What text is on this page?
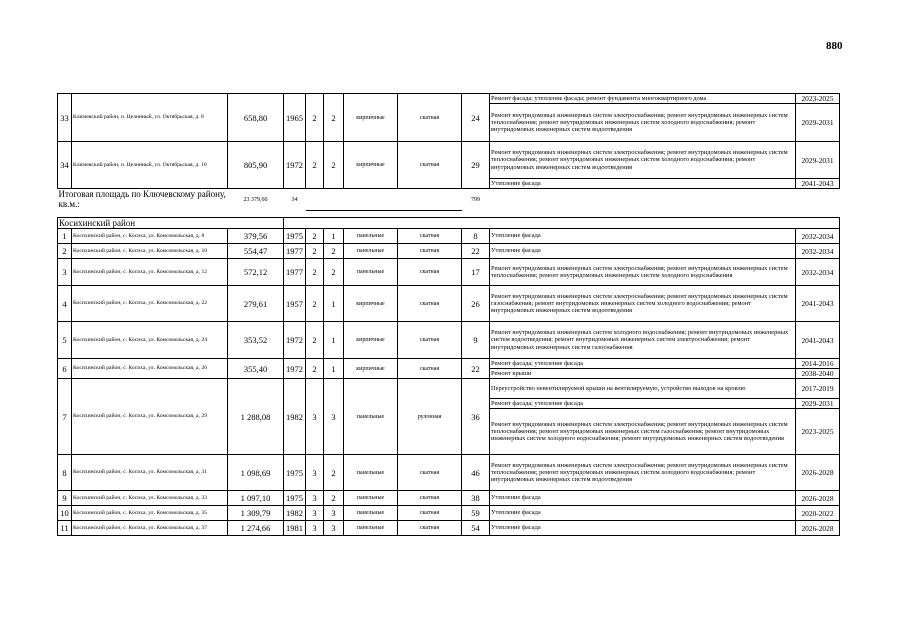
880
33	Ключевский район, п. Целинный, ул. Октябрьская, д. 8	658,80	1965	2	2	кирпичные	скатная	24	Ремонт фасада; утепление фасада; ремонт фундамента многоквартирного дома	2023-2025
									Ремонт внутридомовых инженерных систем электроснабжения; ремонт внутридомовых инженерных систем теплоснабжения; ремонт внутридомовых инженерных систем холодного водоснабжения; ремонт внутридомовых инженерных систем водоотведения	2029-2031
34	Ключевский район, п. Целинный, ул. Октябрьская, д. 10	805,90	1972	2	2	кирпичные	скатная	29	Ремонт внутридомовых инженерных систем электроснабжения; ремонт внутридомовых инженерных систем теплоснабжения; ремонт внутридомовых инженерных систем холодного водоснабжения; ремонт внутридомовых инженерных систем водоотведения	2029-2031
									Утепление фасада	2041-2043
Итоговая площадь по Ключевскому району, кв.м.:		23 379,60	34					799		

Косихинский район										
1	Косихинский район, с. Косиха, ул. Комсомольская, д. 8	379,56	1975	2	1	панельные	скатная	8	Утепление фасада	2032-2034
2	Косихинский район, с. Косиха, ул. Комсомольская, д. 10	554,47	1977	2	2	панельные	скатная	22	Утепление фасада	2032-2034
3	Косихинский район, с. Косиха, ул. Комсомольская, д. 12	572,12	1977	2	2	панельные	скатная	17	Ремонт внутридомовых инженерных систем электроснабжения; ремонт внутридомовых инженерных систем теплоснабжения; ремонт внутридомовых инженерных систем холодного водоснабжения	2032-2034
4	Косихинский район, с. Косиха, ул. Комсомольская, д. 22	279,61	1957	2	1	кирпичные	скатная	26	Ремонт внутридомовых инженерных систем электроснабжения; ремонт внутридомовых инженерных систем газоснабжения; ремонт внутридомовых инженерных систем холодного водоснабжения; ремонт внутридомовых инженерных систем водоотведения	2041-2043
5	Косихинский район, с. Косиха, ул. Комсомольская, д. 24	353,52	1972	2	1	кирпичные	скатная	9	Ремонт внутридомовых инженерных систем холодного водоснабжения; ремонт внутридомовых инженерных систем водоотведения; ремонт внутридомовых инженерных систем электроснабжения; ремонт внутридомовых инженерных систем газоснабжения	2041-2043
6	Косихинский район, с. Косиха, ул. Комсомольская, д. 26	355,40	1972	2	1	кирпичные	скатная	22	Ремонт фасада; утепление фасада	2014-2016
									Ремонт крыши	2038-2040
7	Косихинский район, с. Косиха, ул. Комсомольская, д. 29	1 288,08	1982	3	3	панельные	рулонная	36	Переустройство невентилируемой крыши на вентилируемую, устройство выходов на кровлю	2017-2019
									Ремонт фасада; утепление фасада	2029-2031
									Ремонт внутридомовых инженерных систем электроснабжения; ремонт внутридомовых инженерных систем теплоснабжения; ремонт внутридомовых инженерных систем газоснабжения; ремонт внутридомовых инженерных систем холодного водоснабжения; ремонт внутридомовых инженерных систем водоотведения	2023-2025
8	Косихинский район, с. Косиха, ул. Комсомольская, д. 31	1 098,69	1975	3	2	панельные	скатная	46	Ремонт внутридомовых инженерных систем электроснабжения; ремонт внутридомовых инженерных систем теплоснабжения; ремонт внутридомовых инженерных систем холодного водоснабжения; ремонт внутридомовых инженерных систем водоотведения	2026-2028
9	Косихинский район, с. Косиха, ул. Комсомольская, д. 33	1 097,10	1975	3	2	панельные	скатная	38	Утепление фасада	2026-2028
10	Косихинский район, с. Косиха, ул. Комсомольская, д. 35	1 309,79	1982	3	3	панельные	скатная	59	Утепление фасада	2020-2022
11	Косихинский район, с. Косиха, ул. Комсомольская, д. 37	1 274,66	1981	3	3	панельные	скатная	54	Утепление фасада	2026-2028
